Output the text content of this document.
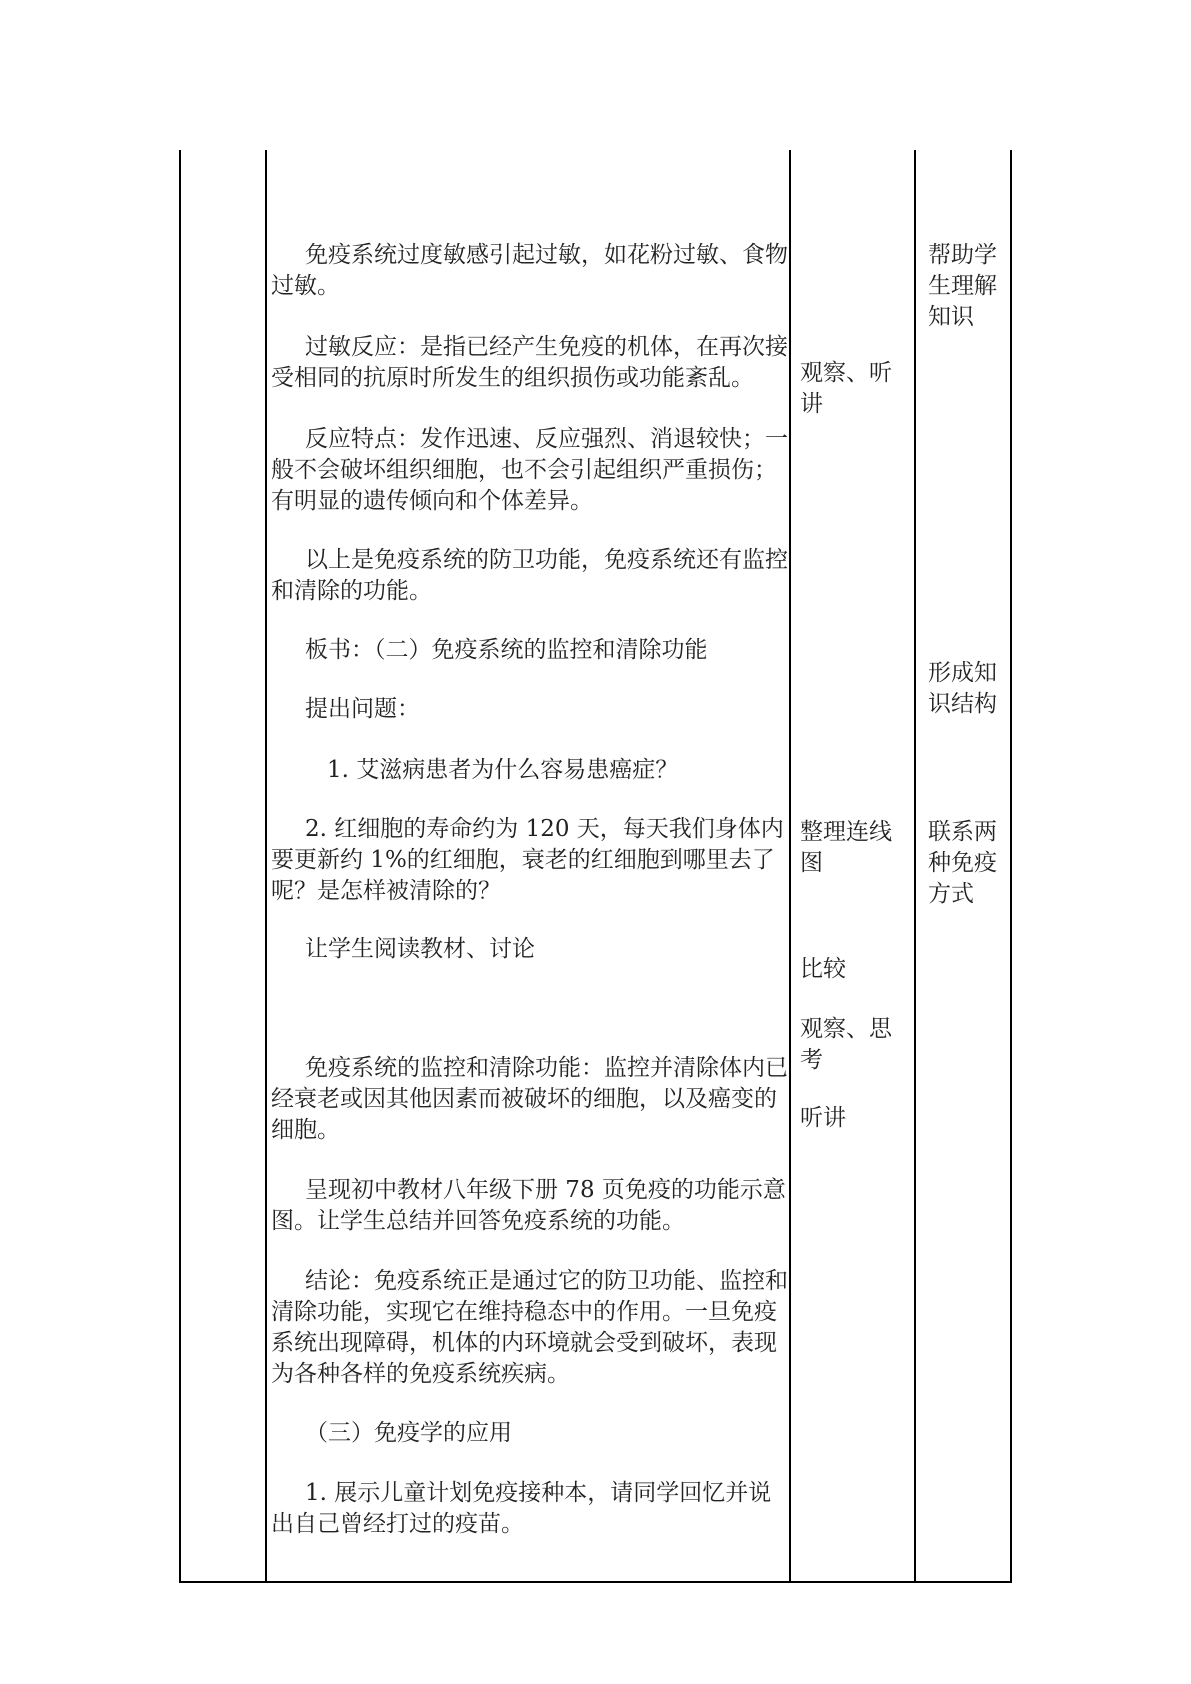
免疫系统过度敏感引起过敏，如花粉过敏、食物过敏。

过敏反应：是指已经产生免疫的机体，在再次接受相同的抗原时所发生的组织损伤或功能紊乱。

反应特点：发作迅速、反应强烈、消退较快；一般不会破坏组织细胞，也不会引起组织严重损伤；有明显的遗传倾向和个体差异。

以上是免疫系统的防卫功能，免疫系统还有监控和清除的功能。

板书：（二）免疫系统的监控和清除功能

提出问题：

1. 艾滋病患者为什么容易患癌症？

2. 红细胞的寿命约为 120 天，每天我们身体内要更新约 1%的红细胞，衰老的红细胞到哪里去了呢？是怎样被清除的？

让学生阅读教材、讨论

免疫系统的监控和清除功能：监控并清除体内已经衰老或因其他因素而被破坏的细胞，以及癌变的细胞。

呈现初中教材八年级下册 78 页免疫的功能示意图。让学生总结并回答免疫系统的功能。

结论：免疫系统正是通过它的防卫功能、监控和清除功能，实现它在维持稳态中的作用。一旦免疫系统出现障碍，机体的内环境就会受到破坏，表现为各种各样的免疫系统疾病。

（三）免疫学的应用

1. 展示儿童计划免疫接种本，请同学回忆并说出自己曾经打过的疫苗。

观察、听讲

整理连线图

比较

观察、思考

听讲

帮助学生理解知识

形成知识结构

联系两种免疫方式
